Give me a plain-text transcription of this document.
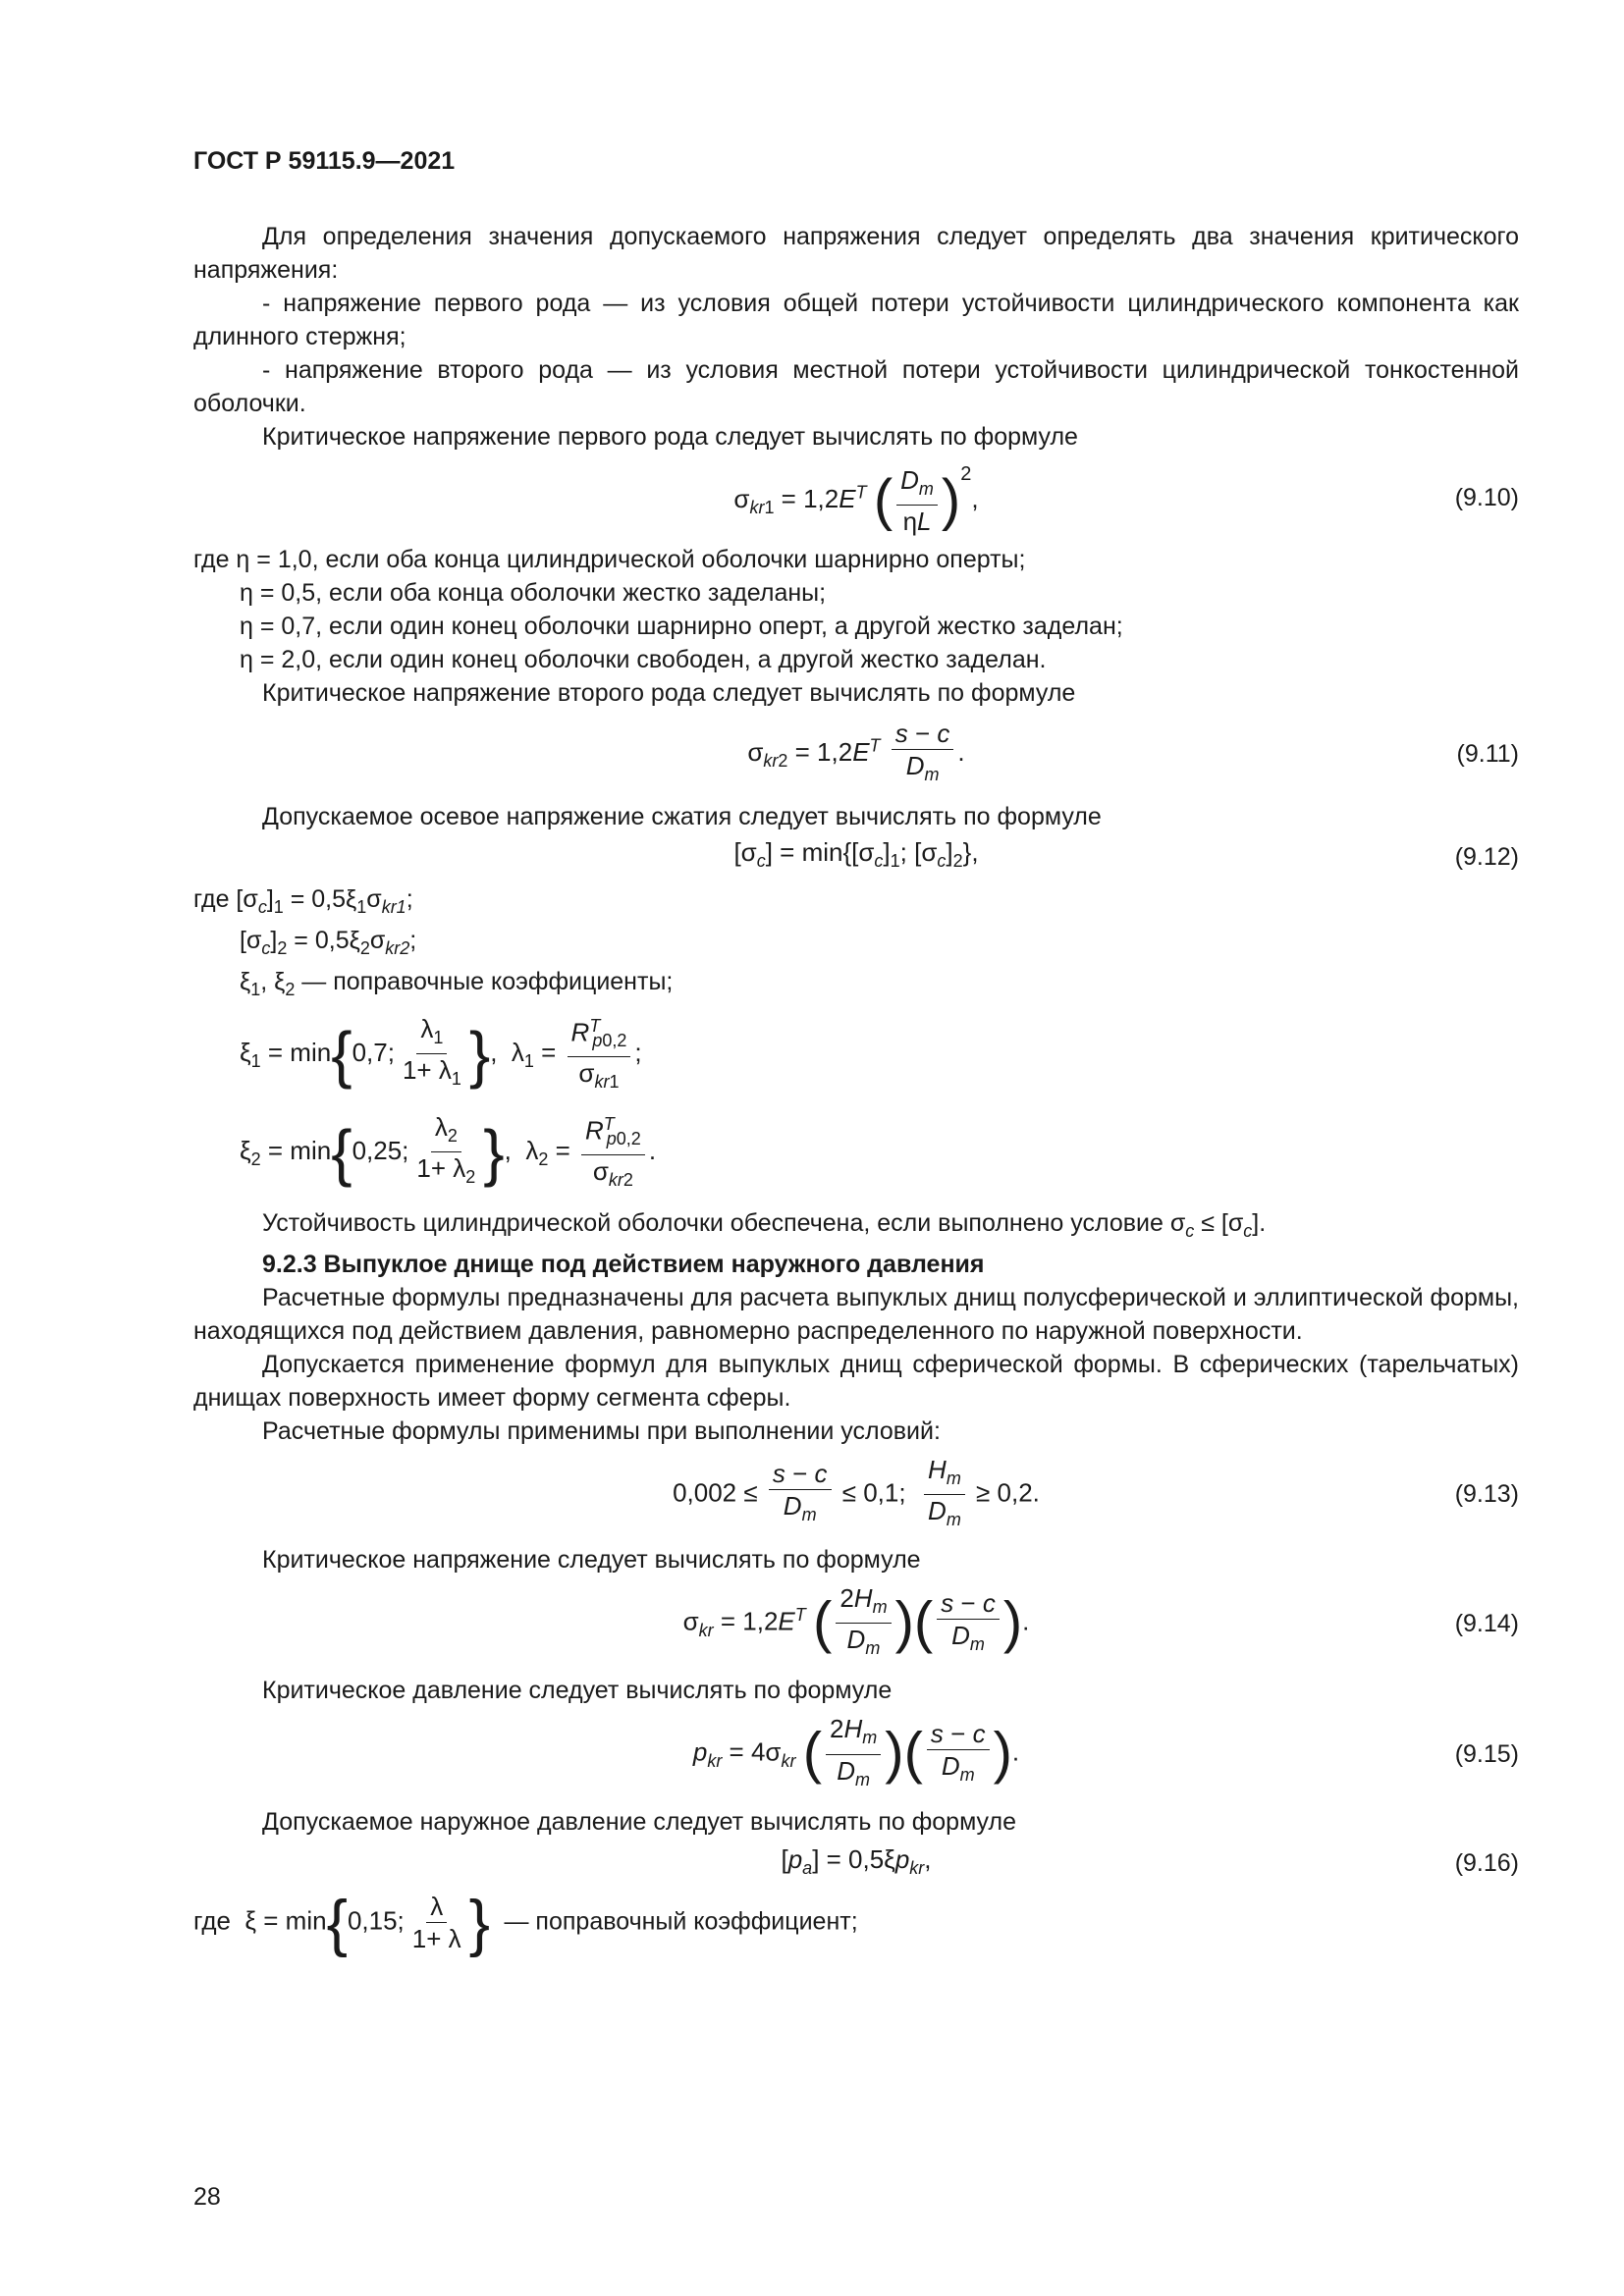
ГОСТ Р 59115.9—2021

Для определения значения допускаемого напряжения следует определять два значения критического напряжения:

- напряжение первого рода — из условия общей потери устойчивости цилиндрического компонента как длинного стержня;

- напряжение второго рода — из условия местной потери устойчивости цилиндрической тонкостенной оболочки.

Критическое напряжение первого рода следует вычислять по формуле

$\sigma_{kr1} = 1,2E^T$ ( $\frac{D_m}{\eta L} )^2$,	(9.10)

где η = 1,0, если оба конца цилиндрической оболочки шарнирно оперты;

η = 0,5, если оба конца оболочки жестко заделаны;

η = 0,7, если один конец оболочки шарнирно оперт, а другой жестко заделан;

η = 2,0, если один конец оболочки свободен, а другой жестко заделан.

Критическое напряжение второго рода следует вычислять по формуле

$\sigma_{kr2} = 1,2E^T \frac{s - c}{D_m}$ .	(9.11)

Допускаемое осевое напряжение сжатия следует вычислять по формуле

$[\sigma_c] = \min\{[\sigma_c]_1$; $[\sigma_c]_2$},	(9.12)

где $[\sigma_c]_1 = 0,5\xi_1\sigma_{kr1}$;

$[\sigma_c]_2 = 0,5\xi_2\sigma_{kr2}$;

$\xi_1$, $\xi_2$ — поправочные коэффициенты;

$\xi_1 = \min\{0,7$; $\frac{\lambda_1}{1+ \lambda_1}$ },  $\lambda_1 = \frac{R^T_{p0,2}}{\sigma_{kr1}}$ ;
$\xi_2 = \min\{0,25$; $\frac{\lambda_2}{1+ \lambda_2}$ },  $\lambda_2 = \frac{R^T_{p0,2}}{\sigma_{kr2}}$ .

Устойчивость цилиндрической оболочки обеспечена, если выполнено условие $\sigma_c \le [\sigma_c]$.

9.2.3 Выпуклое днище под действием наружного давления

Расчетные формулы предназначены для расчета выпуклых днищ полусферической и эллиптической формы, находящихся под действием давления, равномерно распределенного по наружной поверхности.

Допускается применение формул для выпуклых днищ сферической формы. В сферических (тарельчатых) днищах поверхность имеет форму сегмента сферы.

Расчетные формулы применимы при выполнении условий:

$0,002 \le \frac{s - c}{D_m} \le 0,1$; $\frac{H_m}{D_m} \ge 0,2$.	(9.13)

Критическое напряжение следует вычислять по формуле

$\sigma_{kr} = 1,2E^T$ ( $\frac{2H_m}{D_m}$ )( $\frac{s - c}{D_m}$ ).	(9.14)

Критическое давление следует вычислять по формуле

$p_{kr} = 4\sigma_{kr}$ ( $\frac{2H_m}{D_m}$ )( $\frac{s - c}{D_m}$ ).	(9.15)

Допускаемое наружное давление следует вычислять по формуле

$[p_a] = 0,5\xi p_{kr}$,	(9.16)
где  ξ = min{0,15; $\frac{\lambda}{1+ \lambda}$ } — поправочный коэффициент;
28
